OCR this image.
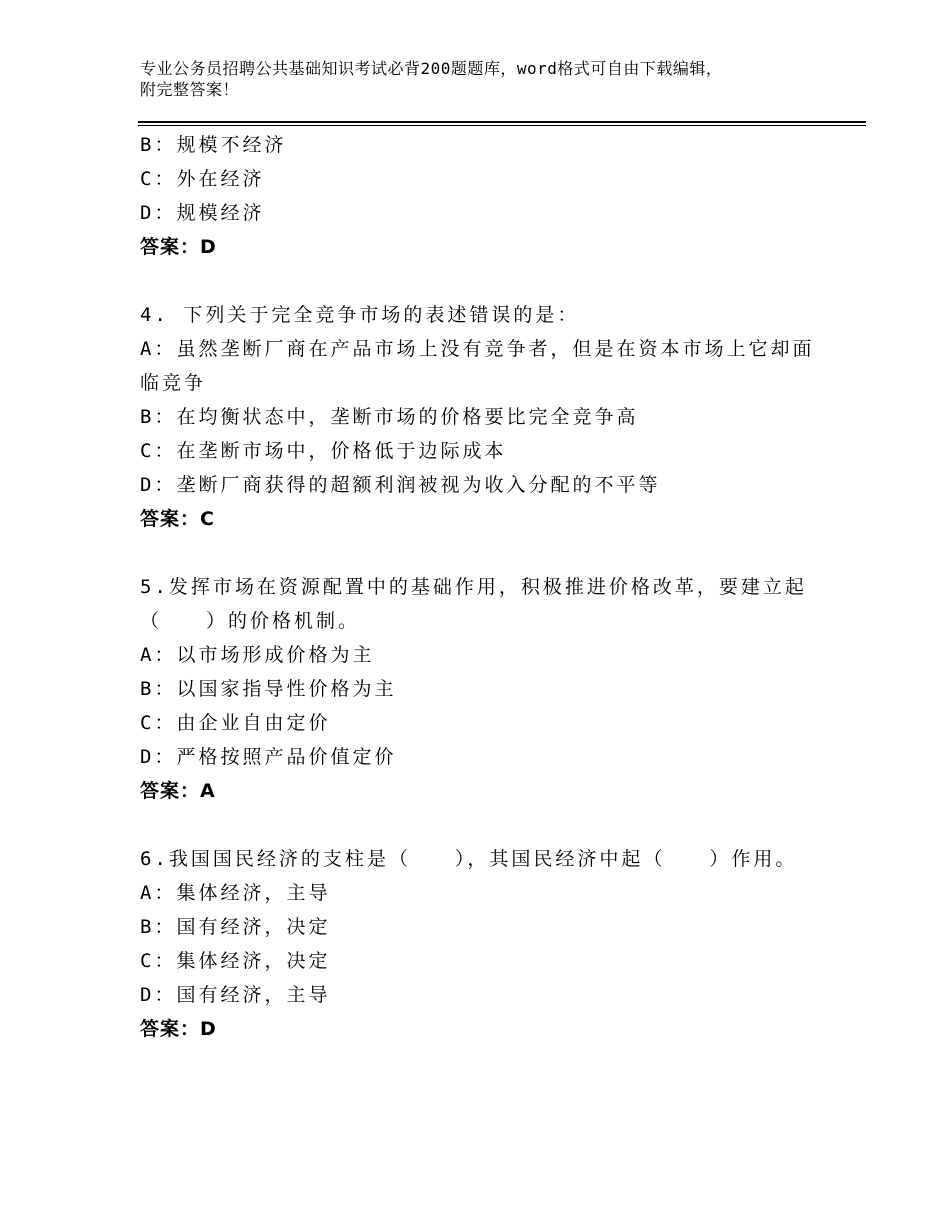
专业公务员招聘公共基础知识考试必背200题题库，word格式可自由下载编辑，
附完整答案！
B：规模不经济
C：外在经济
D：规模经济
答案：D
4. 下列关于完全竞争市场的表述错误的是：
A：虽然垄断厂商在产品市场上没有竞争者，但是在资本市场上它却面
临竞争
B：在均衡状态中，垄断市场的价格要比完全竞争高
C：在垄断市场中，价格低于边际成本
D：垄断厂商获得的超额利润被视为收入分配的不平等
答案：C
5.发挥市场在资源配置中的基础作用，积极推进价格改革，要建立起
（　　）的价格机制。
A：以市场形成价格为主
B：以国家指导性价格为主
C：由企业自由定价
D：严格按照产品价值定价
答案：A
6.我国国民经济的支柱是（　　），其国民经济中起（　　）作用。
A：集体经济，主导
B：国有经济，决定
C：集体经济，决定
D：国有经济，主导
答案：D
